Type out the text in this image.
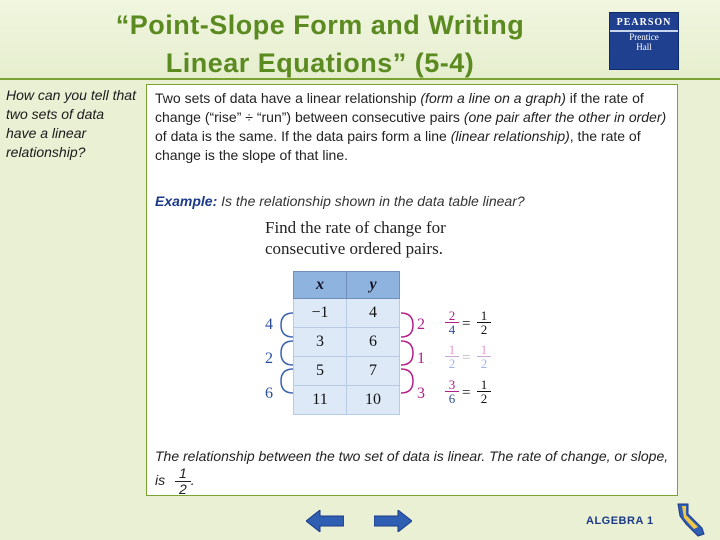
“Point-Slope Form and Writing
Linear Equations” (5-4)
PEARSON
Prentice
Hall
How can you tell that two sets of data have a linear relationship?
Two sets of data have a linear relationship (form a line on a graph) if the rate of change (“rise” ÷ “run”) between consecutive pairs (one pair after the other in order) of data is the same. If the data pairs form a line (linear relationship), the rate of change is the slope of that line.
Example: Is the relationship shown in the data table linear?
Find the rate of change for
consecutive ordered pairs.
x	y
−1	4
3	6
5	7
11	10
4
2
6
2
1
3
$\frac{2}{4} = \frac{1}{2}$
$\frac{1}{2} = \frac{1}{2}$
$\frac{3}{6} = \frac{1}{2}$
The relationship between the two set of data is linear. The rate of change, or slope, is $\frac{1}{2}$ .
ALGEBRA 1
